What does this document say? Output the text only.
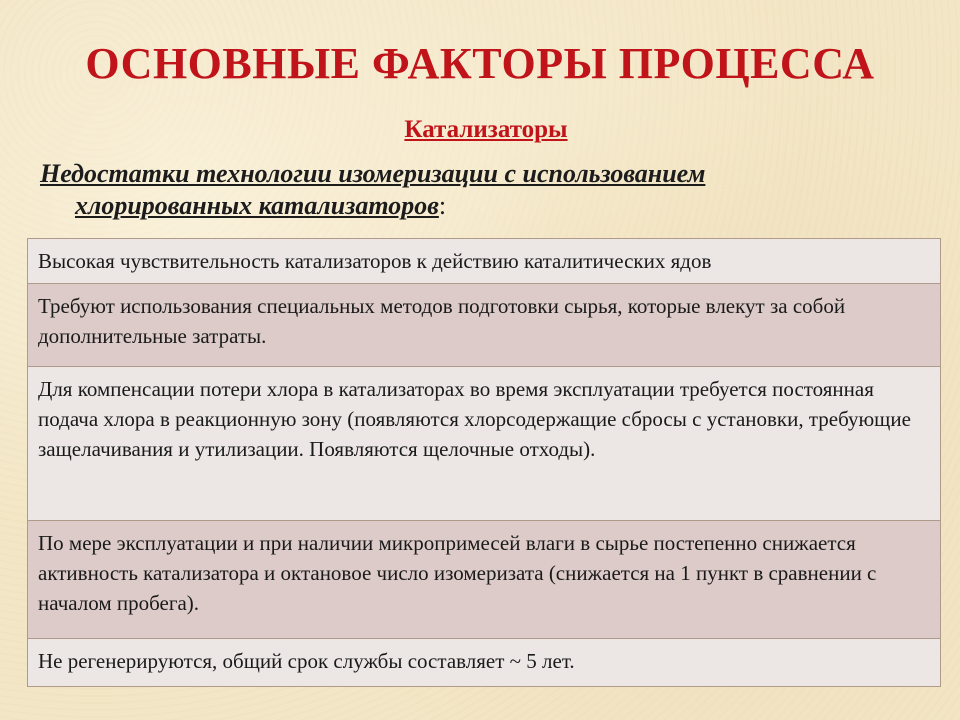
ОСНОВНЫЕ ФАКТОРЫ ПРОЦЕССА
Катализаторы
Недостатки технологии изомеризации с использованием
хлорированных катализаторов:
Высокая чувствительность катализаторов к действию каталитических ядов
Требуют использования специальных методов подготовки сырья, которые влекут за собой дополнительные затраты.
Для компенсации потери хлора в катализаторах во время эксплуатации требуется постоянная подача хлора в реакционную зону (появляются хлорсодержащие сбросы с установки, требующие защелачивания и утилизации. Появляются щелочные отходы).
По мере эксплуатации и при наличии микропримесей влаги в сырье постепенно снижается активность катализатора и октановое число изомеризата (снижается на 1 пункт в сравнении с началом пробега).
Не регенерируются, общий срок службы составляет ~ 5 лет.
